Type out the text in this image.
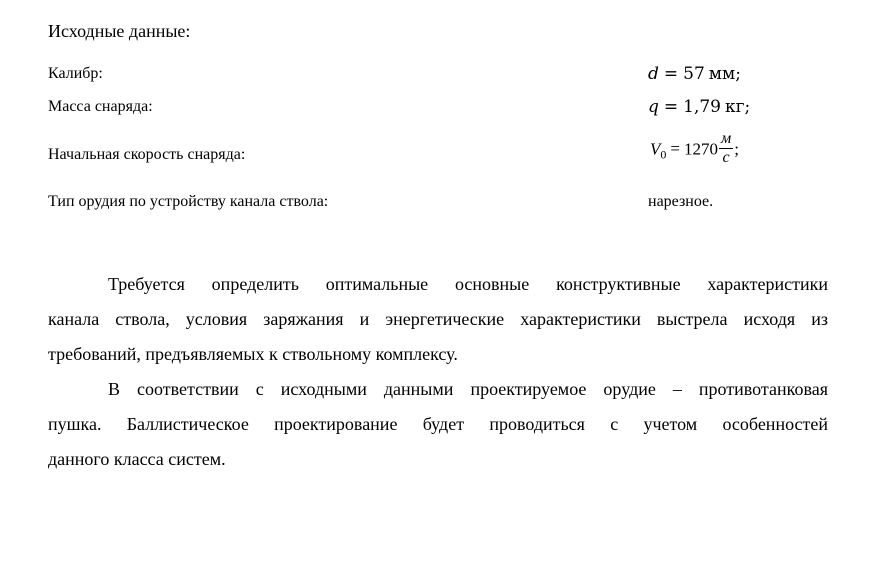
Исходные данные:
Калибр:	d = 57 мм;
Масса снаряда:	q = 1,79 кг;
Начальная скорость снаряда:	$V_0 = 1270 \frac{м}{с}$ ;
Тип орудия по устройству канала ствола:	нарезное.
Требуется определить оптимальные основные конструктивные характеристики
канала ствола, условия заряжания и энергетические характеристики выстрела исходя из
требований, предъявляемых к ствольному комплексу.
В соответствии с исходными данными проектируемое орудие – противотанковая
пушка. Баллистическое проектирование будет проводиться с учетом особенностей
данного класса систем.
